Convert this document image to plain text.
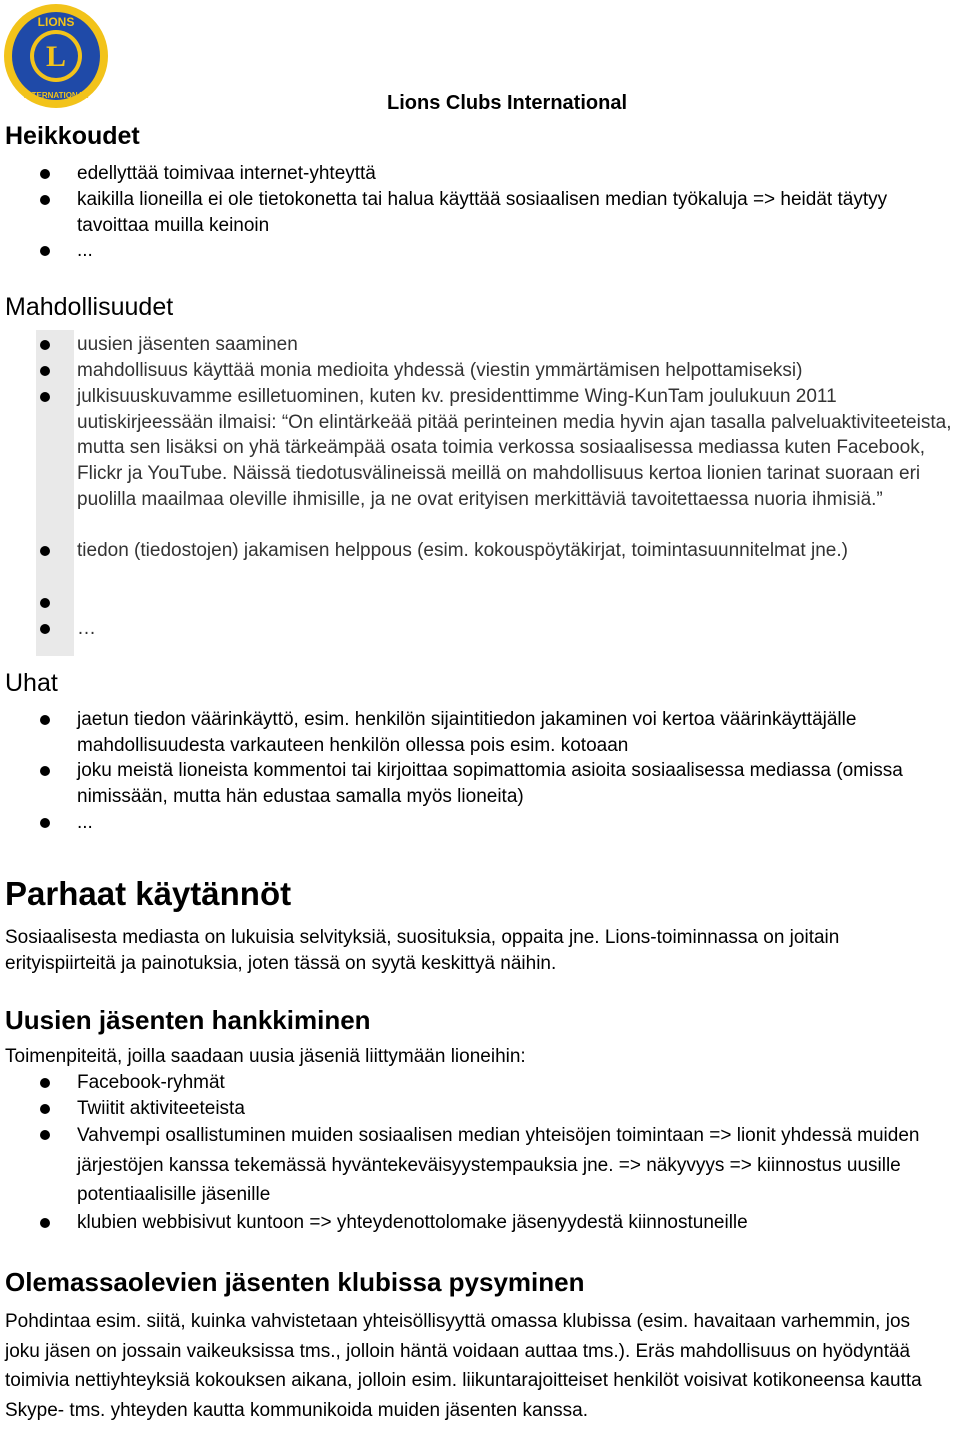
L
LIONS
INTERNATIONAL	Lions Clubs International
Heikkoudet
edellyttää toimivaa internet-yhteyttä
kaikilla lioneilla ei ole tietokonetta tai halua käyttää sosiaalisen median työkaluja => heidät täytyy tavoittaa muilla keinoin
...
Mahdollisuudet
uusien jäsenten saaminen
mahdollisuus käyttää monia medioita yhdessä (viestin ymmärtämisen helpottamiseksi)
julkisuuskuvamme esilletuominen, kuten kv. presidenttimme Wing-KunTam joulukuun 2011 uutiskirjeessään ilmaisi: “On elintärkeää pitää perinteinen media hyvin ajan tasalla palveluaktiviteeteista, mutta sen lisäksi on yhä tärkeämpää osata toimia verkossa sosiaalisessa mediassa kuten Facebook, Flickr ja YouTube. Näissä tiedotusvälineissä meillä on mahdollisuus kertoa lionien tarinat suoraan eri puolilla maailmaa oleville ihmisille, ja ne ovat erityisen merkittäviä tavoitettaessa nuoria ihmisiä.”
tiedon (tiedostojen) jakamisen helppous (esim. kokouspöytäkirjat, toimintasuunnitelmat jne.)
…
Uhat
jaetun tiedon väärinkäyttö, esim. henkilön sijaintitiedon jakaminen voi kertoa väärinkäyttäjälle mahdollisuudesta varkauteen henkilön ollessa pois esim. kotoaan
joku meistä lioneista kommentoi tai kirjoittaa sopimattomia asioita sosiaalisessa mediassa (omissa nimissään, mutta hän edustaa samalla myös lioneita)
...
Parhaat käytännöt
Sosiaalisesta mediasta on lukuisia selvityksiä, suosituksia, oppaita jne. Lions-toiminnassa on joitain erityispiirteitä ja painotuksia, joten tässä on syytä keskittyä näihin.
Uusien jäsenten hankkiminen
Toimenpiteitä, joilla saadaan uusia jäseniä liittymään lioneihin:
Facebook-ryhmät
Twiitit aktiviteeteista
Vahvempi osallistuminen muiden sosiaalisen median yhteisöjen toimintaan => lionit yhdessä muiden järjestöjen kanssa tekemässä hyväntekeväisyystempauksia jne. => näkyvyys => kiinnostus uusille potentiaalisille jäsenille
klubien webbisivut kuntoon => yhteydenottolomake jäsenyydestä kiinnostuneille
Olemassaolevien jäsenten klubissa pysyminen
Pohdintaa esim. siitä, kuinka vahvistetaan yhteisöllisyyttä omassa klubissa (esim. havaitaan varhemmin, jos joku jäsen on jossain vaikeuksissa tms., jolloin häntä voidaan auttaa tms.). Eräs mahdollisuus on hyödyntää toimivia nettiyhteyksiä kokouksen aikana, jolloin esim. liikuntarajoitteiset henkilöt voisivat kotikoneensa kautta Skype- tms. yhteyden kautta kommunikoida muiden jäsenten kanssa.
